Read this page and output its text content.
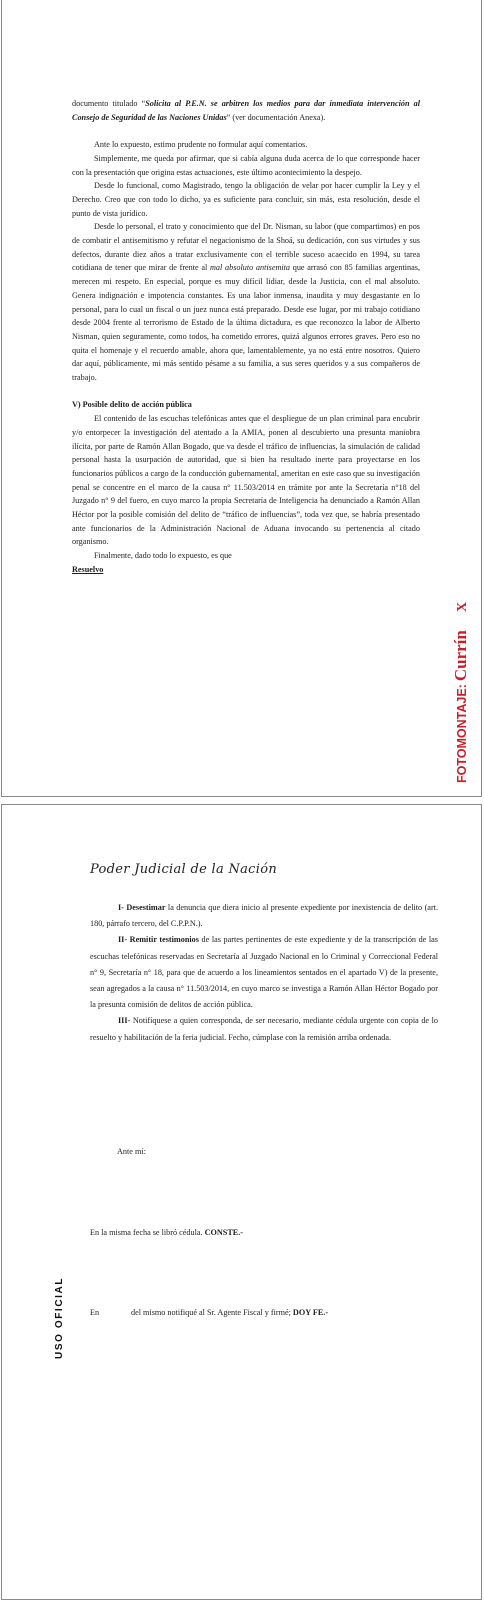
documento titulado “Solicita al P.E.N. se arbitren los medios para dar inmediata intervención al Consejo de Seguridad de las Naciones Unidas” (ver documentación Anexa).

Ante lo expuesto, estimo prudente no formular aquí comentarios.

Simplemente, me queda por afirmar, que si cabía alguna duda acerca de lo que corresponde hacer con la presentación que origina estas actuaciones, este último acontecimiento la despejo.

Desde lo funcional, como Magistrado, tengo la obligación de velar por hacer cumplir la Ley y el Derecho. Creo que con todo lo dicho, ya es suficiente para concluir, sin más, esta resolución, desde el punto de vista jurídico.

Desde lo personal, el trato y conocimiento que del Dr. Nisman, su labor (que compartimos) en pos de combatir el antisemitismo y refutar el negacionismo de la Shoá, su dedicación, con sus virtudes y sus defectos, durante diez años a tratar exclusivamente con el terrible suceso acaecido en 1994, su tarea cotidiana de tener que mirar de frente al mal absoluto antisemita que arrasó con 85 familias argentinas, merecen mi respeto. En especial, porque es muy difícil lidiar, desde la Justicia, con el mal absoluto. Genera indignación e impotencia constantes. Es una labor inmensa, inaudita y muy desgastante en lo personal, para lo cual un fiscal o un juez nunca está preparado. Desde ese lugar, por mi trabajo cotidiano desde 2004 frente al terrorismo de Estado de la última dictadura, es que reconozco la labor de Alberto Nisman, quien seguramente, como todos, ha cometido errores, quizá algunos errores graves. Pero eso no quita el homenaje y el recuerdo amable, ahora que, lamentablemente, ya no está entre nosotros. Quiero dar aquí, públicamente, mi más sentido pésame a su familia, a sus seres queridos y a sus compañeros de trabajo.

V) Posible delito de acción pública

El contenido de las escuchas telefónicas antes que el despliegue de un plan criminal para encubrir y/o entorpecer la investigación del atentado a la AMIA, ponen al descubierto una presunta maniobra ilícita, por parte de Ramón Allan Bogado, que va desde el tráfico de influencias, la simulación de calidad personal hasta la usurpación de autoridad, que si bien ha resultado inerte para proyectarse en los funcionarios públicos a cargo de la conducción gubernamental, ameritan en este caso que su investigación penal se concentre en el marco de la causa n° 11.503/2014 en trámite por ante la Secretaría n°18 del Juzgado n° 9 del fuero, en cuyo marco la propia Secretaría de Inteligencia ha denunciado a Ramón Allan Héctor por la posible comisión del delito de “tráfico de influencias”, toda vez que, se habría presentado ante funcionarios de la Administración Nacional de Aduana invocando su pertenencia al citado organismo.

Finalmente, dado todo lo expuesto, es que

Resuelvo

FOTOMONTAJE:Currín
X
Poder Judicial de la Nación

I- Desestimar la denuncia que diera inicio al presente expediente por inexistencia de delito (art. 180, párrafo tercero, del C.P.P.N.).

II- Remitir testimonios de las partes pertinentes de este expediente y de la transcripción de las escuchas telefónicas reservadas en Secretaría al Juzgado Nacional en lo Criminal y Correccional Federal n° 9, Secretaría n° 18, para que de acuerdo a los lineamientos sentados en el apartado V) de la presente, sean agregados a la causa n° 11.503/2014, en cuyo marco se investiga a Ramón Allan Héctor Bogado por la presunta comisión de delitos de acción pública.

III- Notifíquese a quien corresponda, de ser necesario, mediante cédula urgente con copia de lo resuelto y habilitación de la feria judicial. Fecho, cúmplase con la remisión arriba ordenada.

Ante mí:
USO OFICIAL
En la misma fecha se libró cédula. CONSTE.-
En	del mismo notifiqué al Sr. Agente Fiscal y firmé; DOY FE.-
